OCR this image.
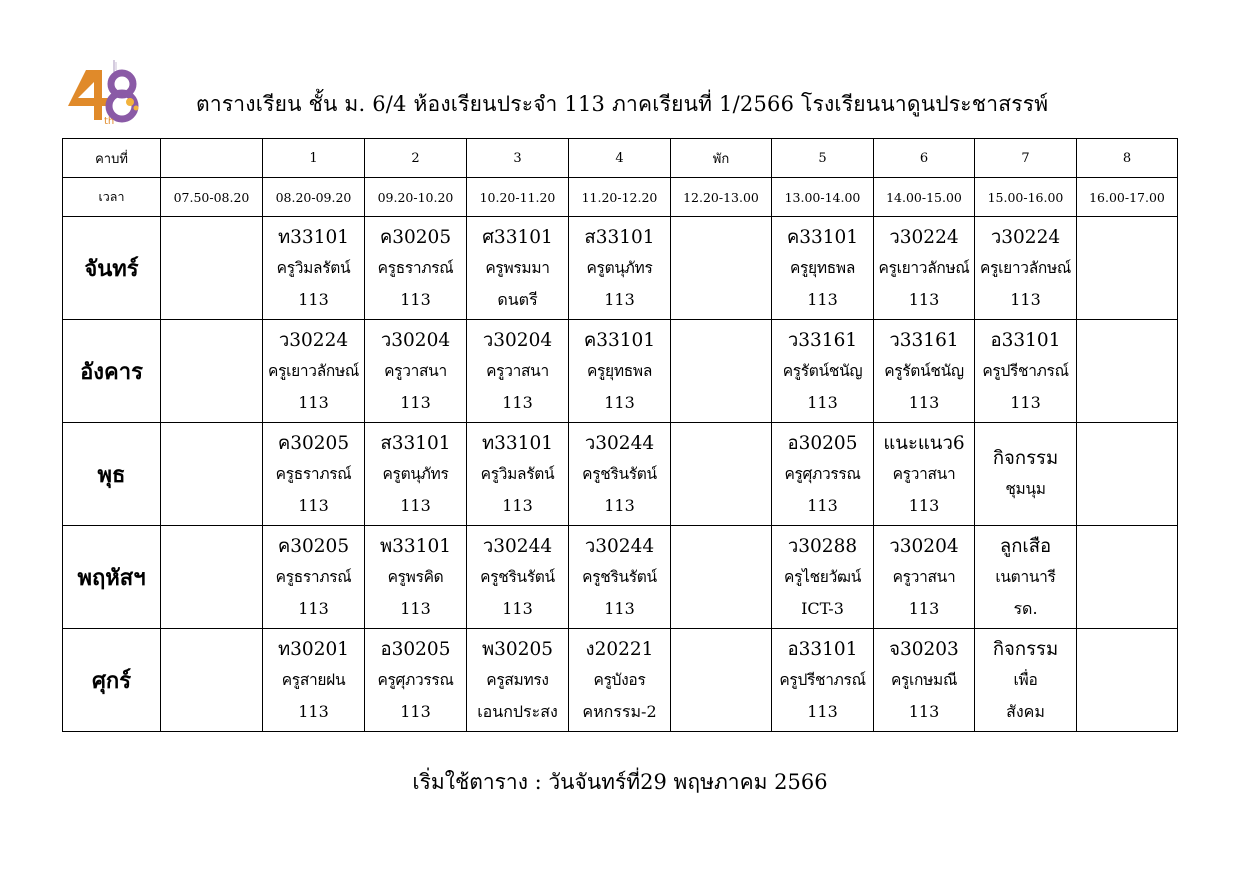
th
ตารางเรียน ชั้น ม. 6/4 ห้องเรียนประจำ 113 ภาคเรียนที่ 1/2566 โรงเรียนนาดูนประชาสรรพ์
คาบที่		1	2	3	4	พัก	5	6	7	8
เวลา	07.50-08.20	08.20-09.20	09.20-10.20	10.20-11.20	11.20-12.20	12.20-13.00	13.00-14.00	14.00-15.00	15.00-16.00	16.00-17.00
จันทร์		ท33101
ครูวิมลรัตน์
113	ค30205
ครูธราภรณ์
113	ศ33101
ครูพรมมา
ดนตรี	ส33101
ครูตนุภัทร
113		ค33101
ครูยุทธพล
113	ว30224
ครูเยาวลักษณ์
113	ว30224
ครูเยาวลักษณ์
113	

อังคาร		ว30224
ครูเยาวลักษณ์
113	ว30204
ครูวาสนา
113	ว30204
ครูวาสนา
113	ค33101
ครูยุทธพล
113		ว33161
ครูรัตน์ชนัญ
113	ว33161
ครูรัตน์ชนัญ
113	อ33101
ครูปรีชาภรณ์
113	

พุธ		ค30205
ครูธราภรณ์
113	ส33101
ครูตนุภัทร
113	ท33101
ครูวิมลรัตน์
113	ว30244
ครูชรินรัตน์
113		อ30205
ครูศุภวรรณ
113	แนะแนว6
ครูวาสนา
113	กิจกรรม
ชุมนุม	

พฤหัสฯ		ค30205
ครูธราภรณ์
113	พ33101
ครูพรคิด
113	ว30244
ครูชรินรัตน์
113	ว30244
ครูชรินรัตน์
113		ว30288
ครูไชยวัฒน์
ICT-3	ว30204
ครูวาสนา
113	ลูกเสือ
เนตานารี
รด.	

ศุกร์		ท30201
ครูสายฝน
113	อ30205
ครูศุภวรรณ
113	พ30205
ครูสมทรง
เอนกประสง	ง20221
ครูบังอร
คหกรรม-2		อ33101
ครูปรีชาภรณ์
113	จ30203
ครูเกษมณี
113	กิจกรรม
เพื่อ
สังคม	

เริ่มใช้ตาราง : วันจันทร์ที่29 พฤษภาคม 2566
